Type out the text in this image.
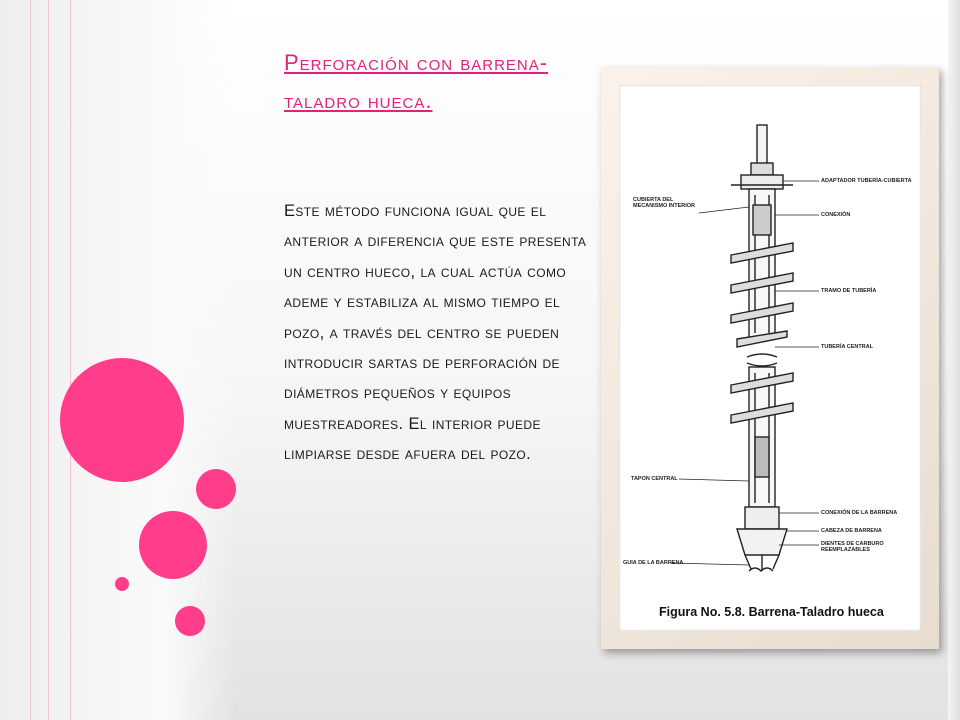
Perforación con barrena-taladro hueca.
Este método funciona igual que el anterior a diferencia que este presenta un centro hueco, la cual actúa como ademe y estabiliza al mismo tiempo el pozo, a través del centro se pueden introducir sartas de perforación de diámetros pequeños y equipos muestreadores. El interior puede limpiarse desde afuera del pozo.
CUBIERTA DEL MECANISMO INTERIOR
ADAPTADOR TUBERÍA-CUBIERTA
CONEXIÓN
TRAMO DE TUBERÍA
TUBERÍA CENTRAL
TAPON CENTRAL
CONEXIÓN DE LA BARRENA
CABEZA DE BARRENA
DIENTES DE CARBURO REEMPLAZABLES
GUIA DE LA BARRENA
Figura No. 5.8. Barrena-Taladro hueca
